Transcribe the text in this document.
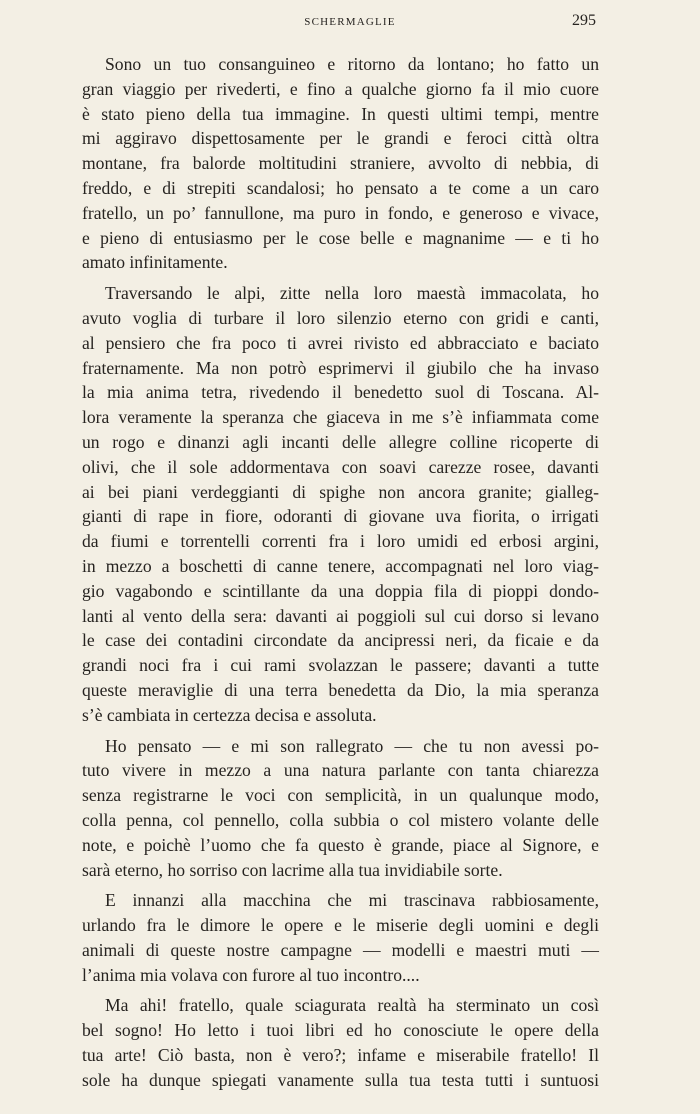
SCHERMAGLIE	295
Sono un tuo consanguineo e ritorno da lontano; ho fatto un
gran viaggio per rivederti, e fino a qualche giorno fa il mio cuore
è stato pieno della tua immagine. In questi ultimi tempi, mentre
mi aggiravo dispettosamente per le grandi e feroci città oltra
montane, fra balorde moltitudini straniere, avvolto di nebbia, di
freddo, e di strepiti scandalosi; ho pensato a te come a un caro
fratello, un po’ fannullone, ma puro in fondo, e generoso e vivace,
e pieno di entusiasmo per le cose belle e magnanime — e ti ho
amato infinitamente.
Traversando le alpi, zitte nella loro maestà immacolata, ho
avuto voglia di turbare il loro silenzio eterno con gridi e canti,
al pensiero che fra poco ti avrei rivisto ed abbracciato e baciato
fraternamente. Ma non potrò esprimervi il giubilo che ha invaso
la mia anima tetra, rivedendo il benedetto suol di Toscana. Al-
lora veramente la speranza che giaceva in me s’è infiammata come
un rogo e dinanzi agli incanti delle allegre colline ricoperte di
olivi, che il sole addormentava con soavi carezze rosee, davanti
ai bei piani verdeggianti di spighe non ancora granite; gialleg-
gianti di rape in fiore, odoranti di giovane uva fiorita, o irrigati
da fiumi e torrentelli correnti fra i loro umidi ed erbosi argini,
in mezzo a boschetti di canne tenere, accompagnati nel loro viag-
gio vagabondo e scintillante da una doppia fila di pioppi dondo-
lanti al vento della sera: davanti ai poggioli sul cui dorso si levano
le case dei contadini circondate da ancipressi neri, da ficaie e da
grandi noci fra i cui rami svolazzan le passere; davanti a tutte
queste meraviglie di una terra benedetta da Dio, la mia speranza
s’è cambiata in certezza decisa e assoluta.
Ho pensato — e mi son rallegrato — che tu non avessi po-
tuto vivere in mezzo a una natura parlante con tanta chiarezza
senza registrarne le voci con semplicità, in un qualunque modo,
colla penna, col pennello, colla subbia o col mistero volante delle
note, e poichè l’uomo che fa questo è grande, piace al Signore, e
sarà eterno, ho sorriso con lacrime alla tua invidiabile sorte.
E innanzi alla macchina che mi trascinava rabbiosamente,
urlando fra le dimore le opere e le miserie degli uomini e degli
animali di queste nostre campagne — modelli e maestri muti —
l’anima mia volava con furore al tuo incontro....
Ma ahi! fratello, quale sciagurata realtà ha sterminato un così
bel sogno! Ho letto i tuoi libri ed ho conosciute le opere della
tua arte! Ciò basta, non è vero?; infame e miserabile fratello! Il
sole ha dunque spiegati vanamente sulla tua testa tutti i suntuosi
